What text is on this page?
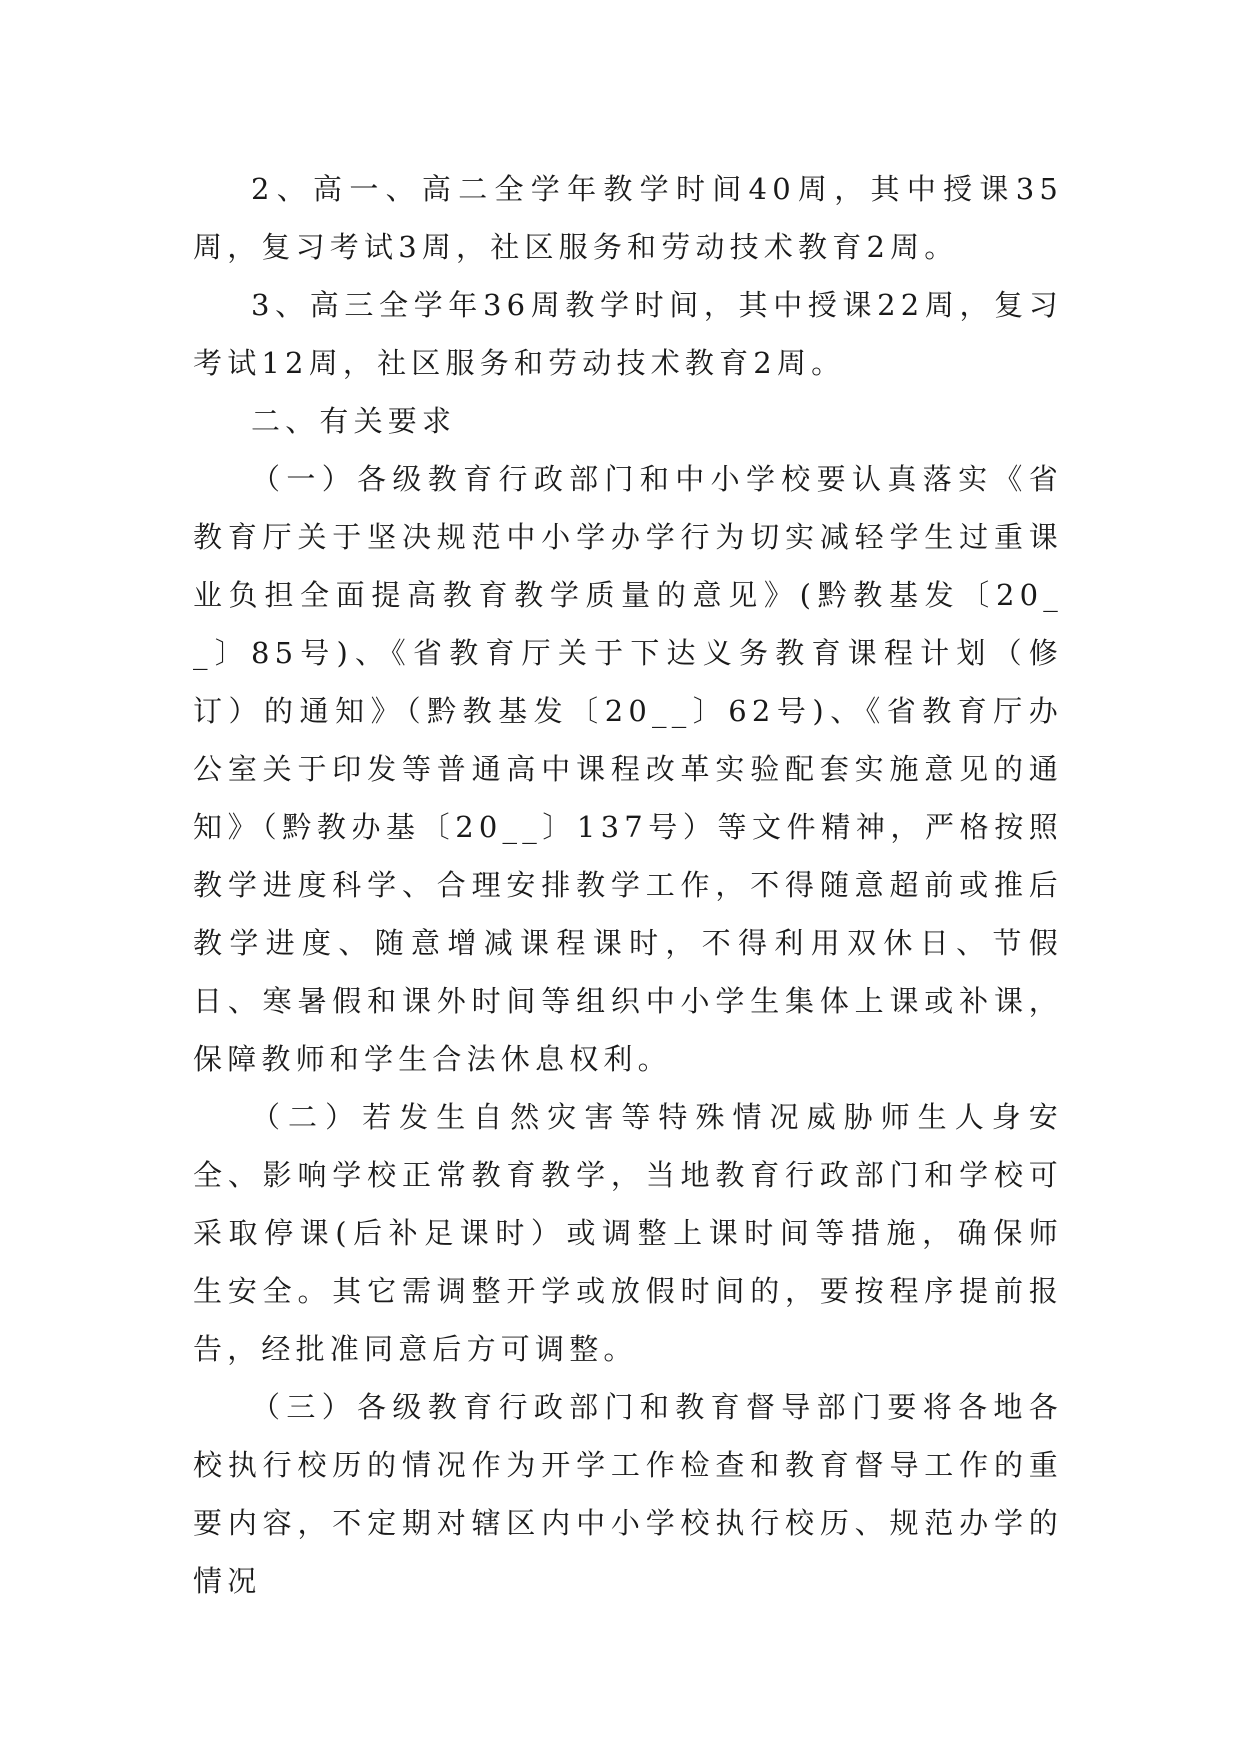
2、高一、高二全学年教学时间40周，其中授课35周，复习考试3周，社区服务和劳动技术教育2周。

3、高三全学年36周教学时间，其中授课22周，复习考试12周，社区服务和劳动技术教育2周。

二、有关要求

（一）各级教育行政部门和中小学校要认真落实《省教育厅关于坚决规范中小学办学行为切实减轻学生过重课业负担全面提高教育教学质量的意见》(黔教基发〔20__〕85号)、《省教育厅关于下达义务教育课程计划（修订）的通知》（黔教基发〔20__〕62号)、《省教育厅办公室关于印发等普通高中课程改革实验配套实施意见的通知》（黔教办基〔20__〕137号）等文件精神，严格按照教学进度科学、合理安排教学工作，不得随意超前或推后教学进度、随意增减课程课时，不得利用双休日、节假日、寒暑假和课外时间等组织中小学生集体上课或补课，保障教师和学生合法休息权利。

（二）若发生自然灾害等特殊情况威胁师生人身安全、影响学校正常教育教学，当地教育行政部门和学校可采取停课(后补足课时）或调整上课时间等措施，确保师生安全。其它需调整开学或放假时间的，要按程序提前报告，经批准同意后方可调整。

（三）各级教育行政部门和教育督导部门要将各地各校执行校历的情况作为开学工作检查和教育督导工作的重要内容，不定期对辖区内中小学校执行校历、规范办学的情况
